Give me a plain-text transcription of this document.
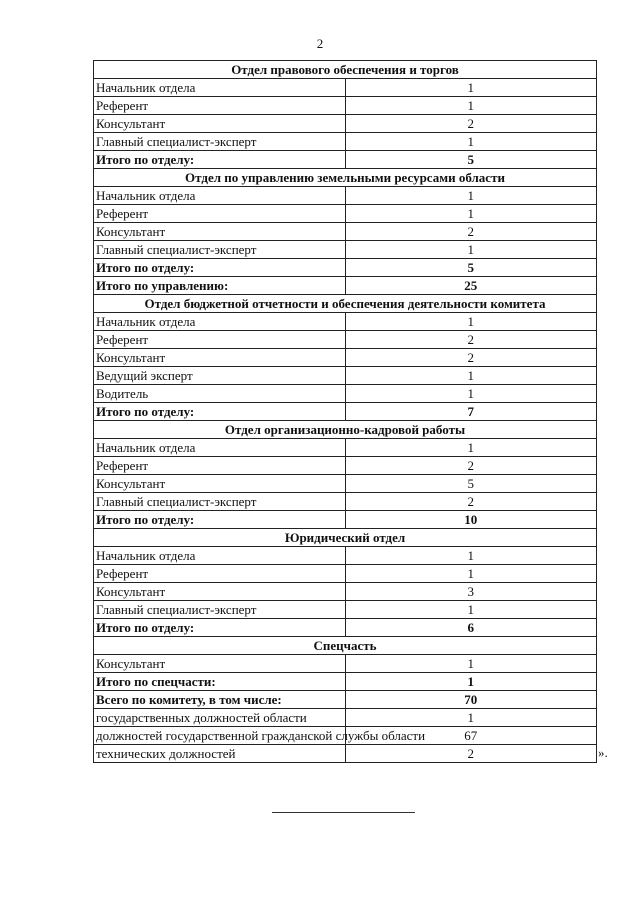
2
Отдел правового обеспечения и торгов	
Начальник отдела	1
Референт	1
Консультант	2
Главный специалист-эксперт	1
Итого по отделу:	5
Отдел по управлению земельными ресурсами области	
Начальник отдела	1
Референт	1
Консультант	2
Главный специалист-эксперт	1
Итого по отделу:	5
Итого по управлению:	25
Отдел бюджетной отчетности и обеспечения деятельности комитета	
Начальник отдела	1
Референт	2
Консультант	2
Ведущий эксперт	1
Водитель	1
Итого по отделу:	7
Отдел организационно-кадровой работы	
Начальник отдела	1
Референт	2
Консультант	5
Главный специалист-эксперт	2
Итого по отделу:	10
Юридический отдел	
Начальник отдела	1
Референт	1
Консультант	3
Главный специалист-эксперт	1
Итого по отделу:	6
Спецчасть	
Консультант	1
Итого по спецчасти:	1
Всего по комитету, в том числе:	70
государственных должностей области	1
должностей государственной гражданской службы области	67
технических должностей	2	».
